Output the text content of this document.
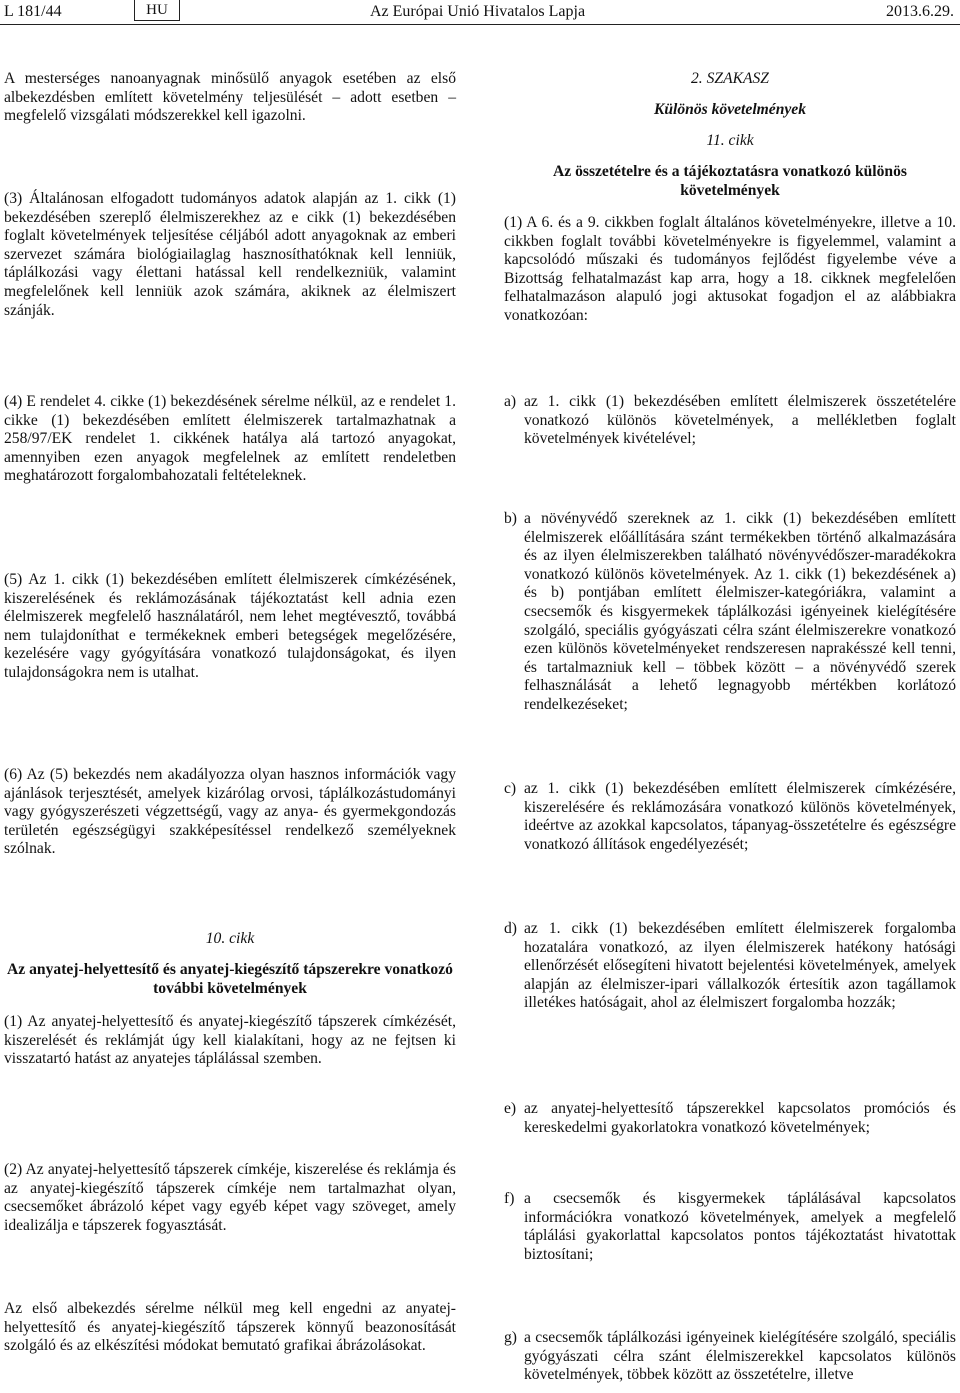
L 181/44	HU	Az Európai Unió Hivatalos Lapja	2013.6.29.

A mesterséges nanoanyagnak minősülő anyagok esetében az első albekezdésben említett követelmény teljesülését – adott esetben – megfelelő vizsgálati módszerekkel kell igazolni.

(3) Általánosan elfogadott tudományos adatok alapján az 1. cikk (1) bekezdésében szereplő élelmiszerekhez az e cikk (1) bekezdésében foglalt követelmények teljesítése céljából adott anyagoknak az emberi szervezet számára biológiailaglag hasznosíthatóknak kell lenniük, táplálkozási vagy élettani hatással kell rendelkezniük, valamint megfelelőnek kell lenniük azok számára, akiknek az élelmiszert szánják.

(4) E rendelet 4. cikke (1) bekezdésének sérelme nélkül, az e rendelet 1. cikke (1) bekezdésében említett élelmiszerek tartalmazhatnak a 258/97/EK rendelet 1. cikkének hatálya alá tartozó anyagokat, amennyiben ezen anyagok megfelelnek az említett rendeletben meghatározott forgalombahozatali feltételeknek.

(5) Az 1. cikk (1) bekezdésében említett élelmiszerek címkézésének, kiszerelésének és reklámozásának tájékoztatást kell adnia ezen élelmiszerek megfelelő használatáról, nem lehet megtévesztő, továbbá nem tulajdoníthat e termékeknek emberi betegségek megelőzésére, kezelésére vagy gyógyítására vonatkozó tulajdonságokat, és ilyen tulajdonságokra nem is utalhat.

(6) Az (5) bekezdés nem akadályozza olyan hasznos információk vagy ajánlások terjesztését, amelyek kizárólag orvosi, táplálkozástudományi vagy gyógyszerészeti végzettségű, vagy az anya- és gyermekgondozás területén egészségügyi szakképesítéssel rendelkező személyeknek szólnak.

10. cikk

Az anyatej-helyettesítő és anyatej-kiegészítő tápszerekre vonatkozó további követelmények

(1) Az anyatej-helyettesítő és anyatej-kiegészítő tápszerek címkézését, kiszerelését és reklámját úgy kell kialakítani, hogy az ne fejtsen ki visszatartó hatást az anyatejes táplálással szemben.

(2) Az anyatej-helyettesítő tápszerek címkéje, kiszerelése és reklámja és az anyatej-kiegészítő tápszerek címkéje nem tartalmazhat olyan, csecsemőket ábrázoló képet vagy egyéb képet vagy szöveget, amely idealizálja e tápszerek fogyasztását.

Az első albekezdés sérelme nélkül meg kell engedni az anyatej-helyettesítő és anyatej-kiegészítő tápszerek könnyű beazonosítását szolgáló és az elkészítési módokat bemutató grafikai ábrázolásokat.

2. SZAKASZ

Különös követelmények

11. cikk

Az összetételre és a tájékoztatásra vonatkozó különös követelmények

(1) A 6. és a 9. cikkben foglalt általános követelményekre, illetve a 10. cikkben foglalt további követelményekre is figyelemmel, valamint a kapcsolódó műszaki és tudományos fejlődést figyelembe véve a Bizottság felhatalmazást kap arra, hogy a 18. cikknek megfelelően felhatalmazáson alapuló jogi aktusokat fogadjon el az alábbiakra vonatkozóan:

a) az 1. cikk (1) bekezdésében említett élelmiszerek összetételére vonatkozó különös követelmények, a mellékletben foglalt követelmények kivételével;
b) a növényvédő szereknek az 1. cikk (1) bekezdésében említett élelmiszerek előállítására szánt termékekben történő alkalmazására és az ilyen élelmiszerekben található növényvédőszer-maradékokra vonatkozó különös követelmények. Az 1. cikk (1) bekezdésének a) és b) pontjában említett élelmiszer-kategóriákra, valamint a csecsemők és kisgyermekek táplálkozási igényeinek kielégítésére szolgáló, speciális gyógyászati célra szánt élelmiszerekre vonatkozó ezen különös követelményeket rendszeresen naprakésszé kell tenni, és tartalmazniuk kell – többek között – a növényvédő szerek felhasználását a lehető legnagyobb mértékben korlátozó rendelkezéseket;
c) az 1. cikk (1) bekezdésében említett élelmiszerek címkézésére, kiszerelésére és reklámozására vonatkozó különös követelmények, ideértve az azokkal kapcsolatos, tápanyag-összetételre és egészségre vonatkozó állítások engedélyezését;
d) az 1. cikk (1) bekezdésében említett élelmiszerek forgalomba hozatalára vonatkozó, az ilyen élelmiszerek hatékony hatósági ellenőrzését elősegíteni hivatott bejelentési követelmények, amelyek alapján az élelmiszer-ipari vállalkozók értesítik azon tagállamok illetékes hatóságait, ahol az élelmiszert forgalomba hozzák;
e) az anyatej-helyettesítő tápszerekkel kapcsolatos promóciós és kereskedelmi gyakorlatokra vonatkozó követelmények;
f) a csecsemők és kisgyermekek táplálásával kapcsolatos információkra vonatkozó követelmények, amelyek a megfelelő táplálási gyakorlattal kapcsolatos pontos tájékoztatást hivatottak biztosítani;
g) a csecsemők táplálkozási igényeinek kielégítésére szolgáló, speciális gyógyászati célra szánt élelmiszerekkel kapcsolatos különös követelmények, többek között az összetételre, illetve
